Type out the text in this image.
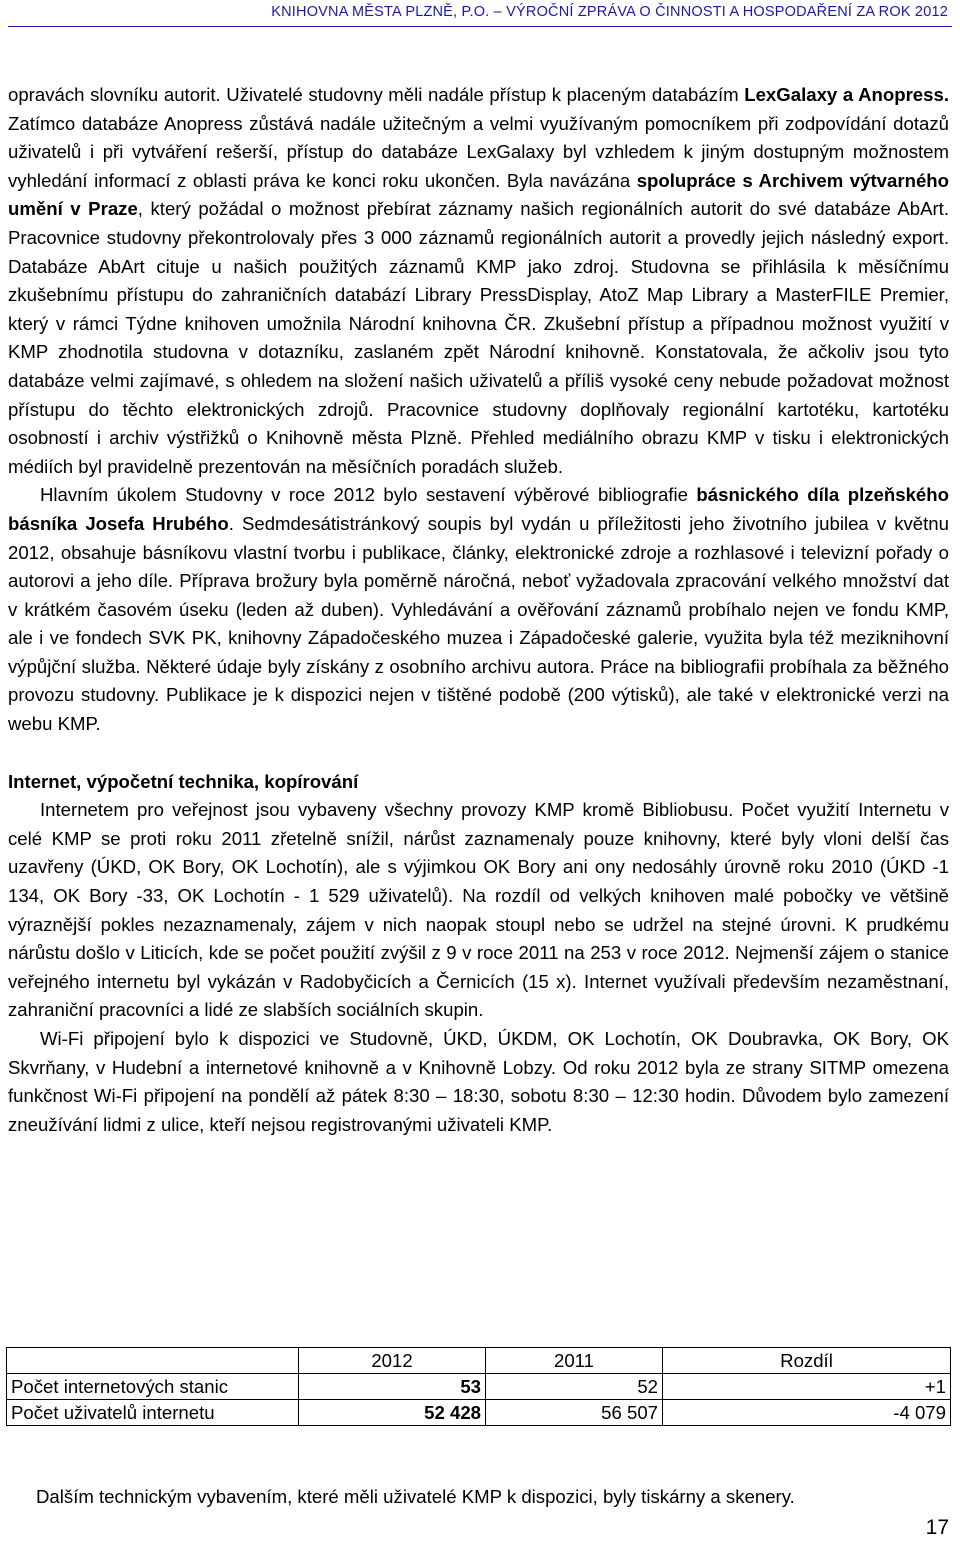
KNIHOVNA MĚSTA PLZNĚ, P.O. – VÝROČNÍ ZPRÁVA O ČINNOSTI A HOSPODAŘENÍ ZA ROK 2012

opravách slovníku autorit. Uživatelé studovny měli nadále přístup k placeným databázím LexGalaxy a Anopress. Zatímco databáze Anopress zůstává nadále užitečným a velmi využívaným pomocníkem při zodpovídání dotazů uživatelů i při vytváření rešerší, přístup do databáze LexGalaxy byl vzhledem k jiným dostupným možnostem vyhledání informací z oblasti práva ke konci roku ukončen. Byla navázána spolupráce s Archivem výtvarného umění v Praze, který požádal o možnost přebírat záznamy našich regionálních autorit do své databáze AbArt. Pracovnice studovny překontrolovaly přes 3 000 záznamů regionálních autorit a provedly jejich následný export. Databáze AbArt cituje u našich použitých záznamů KMP jako zdroj. Studovna se přihlásila k měsíčnímu zkušebnímu přístupu do zahraničních databází Library PressDisplay, AtoZ Map Library a MasterFILE Premier, který v rámci Týdne knihoven umožnila Národní knihovna ČR. Zkušební přístup a případnou možnost využití v KMP zhodnotila studovna v dotazníku, zaslaném zpět Národní knihovně. Konstatovala, že ačkoliv jsou tyto databáze velmi zajímavé, s ohledem na složení našich uživatelů a příliš vysoké ceny nebude požadovat možnost přístupu do těchto elektronických zdrojů. Pracovnice studovny doplňovaly regionální kartotéku, kartotéku osobností i archiv výstřižků o Knihovně města Plzně. Přehled mediálního obrazu KMP v tisku i elektronických médiích byl pravidelně prezentován na měsíčních poradách služeb.

Hlavním úkolem Studovny v roce 2012 bylo sestavení výběrové bibliografie básnického díla plzeňského básníka Josefa Hrubého. Sedmdesátistránkový soupis byl vydán u příležitosti jeho životního jubilea v květnu 2012, obsahuje básníkovu vlastní tvorbu i publikace, články, elektronické zdroje a rozhlasové i televizní pořady o autorovi a jeho díle. Příprava brožury byla poměrně náročná, neboť vyžadovala zpracování velkého množství dat v krátkém časovém úseku (leden až duben). Vyhledávání a ověřování záznamů probíhalo nejen ve fondu KMP, ale i ve fondech SVK PK, knihovny Západočeského muzea i Západočeské galerie, využita byla též meziknihovní výpůjční služba. Některé údaje byly získány z osobního archivu autora. Práce na bibliografii probíhala za běžného provozu studovny. Publikace je k dispozici nejen v tištěné podobě (200 výtisků), ale také v elektronické verzi na webu KMP.

Internet, výpočetní technika, kopírování

Internetem pro veřejnost jsou vybaveny všechny provozy KMP kromě Bibliobusu. Počet využití Internetu v celé KMP se proti roku 2011 zřetelně snížil, nárůst zaznamenaly pouze knihovny, které byly vloni delší čas uzavřeny (ÚKD, OK Bory, OK Lochotín), ale s výjimkou OK Bory ani ony nedosáhly úrovně roku 2010 (ÚKD -1 134, OK Bory -33, OK Lochotín - 1 529 uživatelů). Na rozdíl od velkých knihoven malé pobočky ve většině výraznější pokles nezaznamenaly, zájem v nich naopak stoupl nebo se udržel na stejné úrovni. K prudkému nárůstu došlo v Liticích, kde se počet použití zvýšil z 9 v roce 2011 na 253 v roce 2012. Nejmenší zájem o stanice veřejného internetu byl vykázán v Radobyčicích a Černicích (15 x). Internet využívali především nezaměstnaní, zahraniční pracovníci a lidé ze slabších sociálních skupin.

Wi-Fi připojení bylo k dispozici ve Studovně, ÚKD, ÚKDM, OK Lochotín, OK Doubravka, OK Bory, OK Skvrňany, v Hudební a internetové knihovně a v Knihovně Lobzy. Od roku 2012 byla ze strany SITMP omezena funkčnost Wi-Fi připojení na pondělí až pátek 8:30 – 18:30, sobotu 8:30 – 12:30 hodin. Důvodem bylo zamezení zneužívání lidmi z ulice, kteří nejsou registrovanými uživateli KMP.

	2012	2011	Rozdíl
Počet internetových stanic	53	52	+1
Počet uživatelů internetu	52 428	56 507	-4 079
Dalším technickým vybavením, které měli uživatelé KMP k dispozici, byly tiskárny a skenery.
17
